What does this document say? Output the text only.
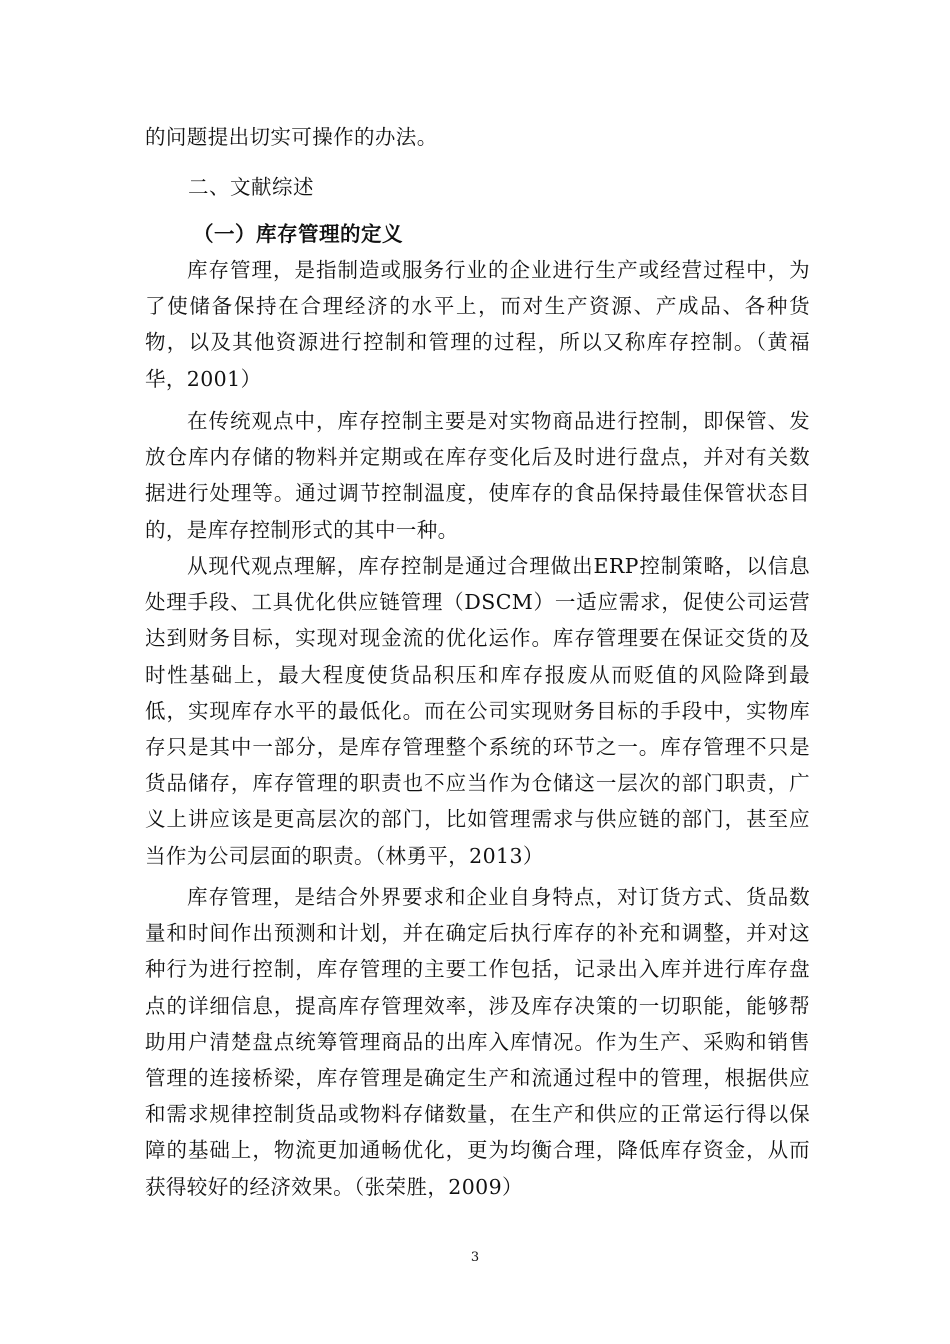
的问题提出切实可操作的办法。

二、文献综述
（一）库存管理的定义

库存管理，是指制造或服务行业的企业进行生产或经营过程中，为了使储备保持在合理经济的水平上，而对生产资源、产成品、各种货物，以及其他资源进行控制和管理的过程，所以又称库存控制。（黄福华，2001）

在传统观点中，库存控制主要是对实物商品进行控制，即保管、发放仓库内存储的物料并定期或在库存变化后及时进行盘点，并对有关数据进行处理等。通过调节控制温度，使库存的食品保持最佳保管状态目的，是库存控制形式的其中一种。

从现代观点理解，库存控制是通过合理做出ERP控制策略，以信息处理手段、工具优化供应链管理（DSCM）一适应需求，促使公司运营达到财务目标，实现对现金流的优化运作。库存管理要在保证交货的及时性基础上，最大程度使货品积压和库存报废从而贬值的风险降到最低，实现库存水平的最低化。而在公司实现财务目标的手段中，实物库存只是其中一部分，是库存管理整个系统的环节之一。库存管理不只是货品储存，库存管理的职责也不应当作为仓储这一层次的部门职责，广义上讲应该是更高层次的部门，比如管理需求与供应链的部门，甚至应当作为公司层面的职责。（林勇平，2013）

库存管理，是结合外界要求和企业自身特点，对订货方式、货品数量和时间作出预测和计划，并在确定后执行库存的补充和调整，并对这种行为进行控制，库存管理的主要工作包括，记录出入库并进行库存盘点的详细信息，提高库存管理效率，涉及库存决策的一切职能，能够帮助用户清楚盘点统筹管理商品的出库入库情况。作为生产、采购和销售管理的连接桥梁，库存管理是确定生产和流通过程中的管理，根据供应和需求规律控制货品或物料存储数量，在生产和供应的正常运行得以保障的基础上，物流更加通畅优化，更为均衡合理，降低库存资金，从而获得较好的经济效果。（张荣胜，2009）

3
